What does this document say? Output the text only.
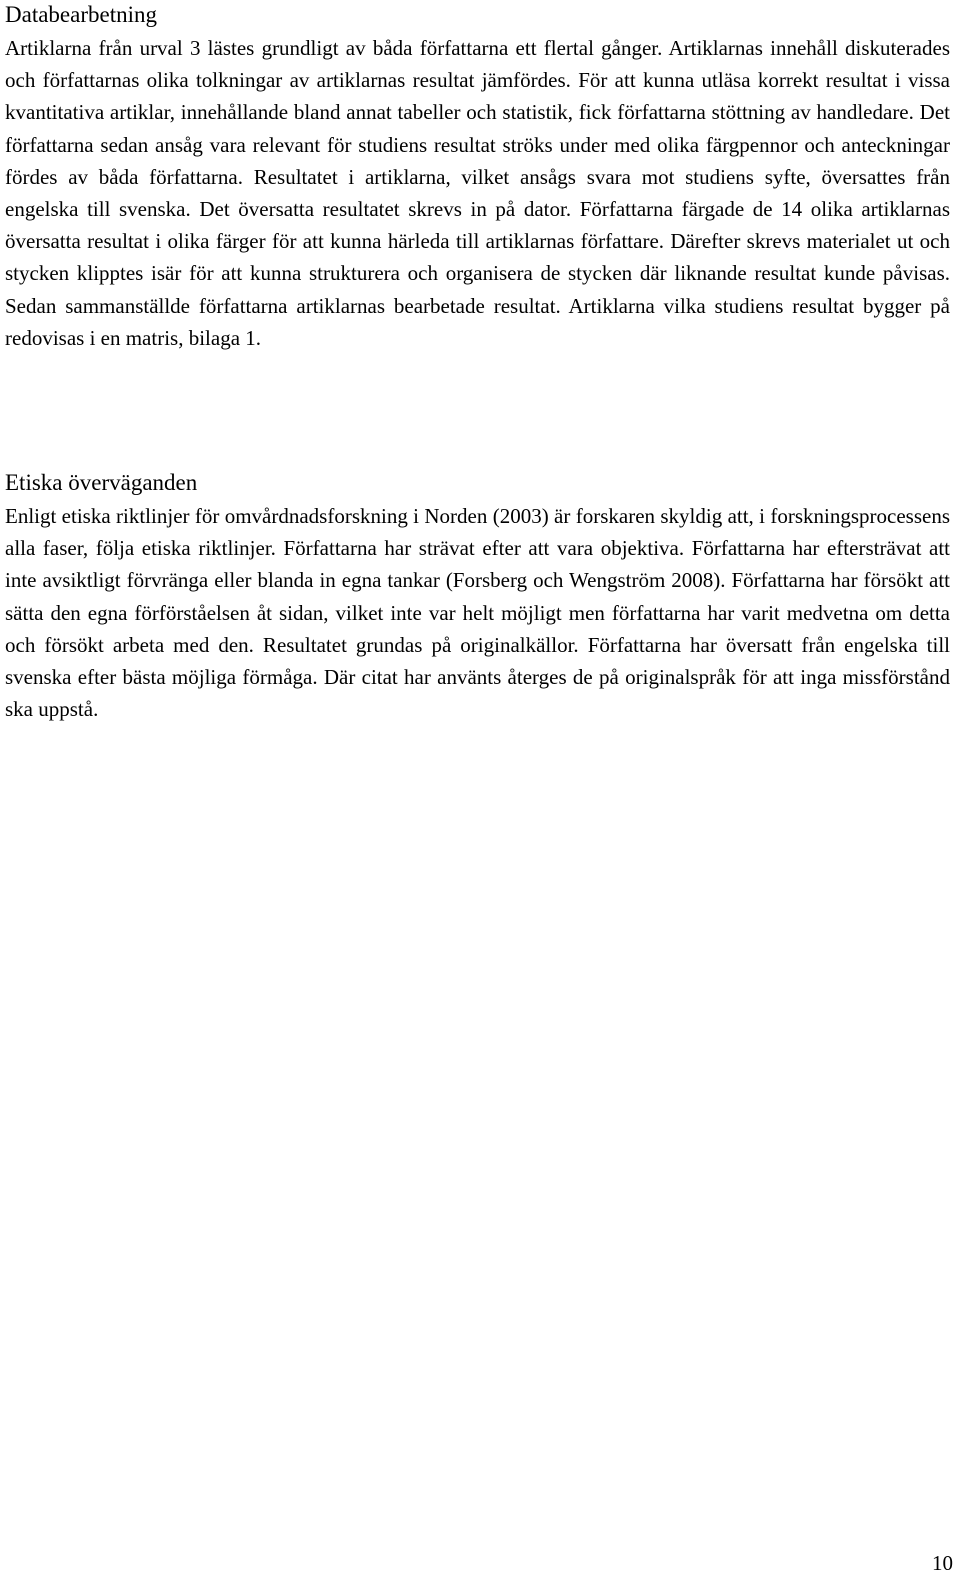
Databearbetning

Artiklarna från urval 3 lästes grundligt av båda författarna ett flertal gånger. Artiklarnas innehåll diskuterades och författarnas olika tolkningar av artiklarnas resultat jämfördes. För att kunna utläsa korrekt resultat i vissa kvantitativa artiklar, innehållande bland annat tabeller och statistik, fick författarna stöttning av handledare. Det författarna sedan ansåg vara relevant för studiens resultat ströks under med olika färgpennor och anteckningar fördes av båda författarna. Resultatet i artiklarna, vilket ansågs svara mot studiens syfte, översattes från engelska till svenska. Det översatta resultatet skrevs in på dator. Författarna färgade de 14 olika artiklarnas översatta resultat i olika färger för att kunna härleda till artiklarnas författare. Därefter skrevs materialet ut och stycken klipptes isär för att kunna strukturera och organisera de stycken där liknande resultat kunde påvisas. Sedan sammanställde författarna artiklarnas bearbetade resultat. Artiklarna vilka studiens resultat bygger på redovisas i en matris, bilaga 1.

Etiska överväganden

Enligt etiska riktlinjer för omvårdnadsforskning i Norden (2003) är forskaren skyldig att, i forskningsprocessens alla faser, följa etiska riktlinjer. Författarna har strävat efter att vara objektiva. Författarna har eftersträvat att inte avsiktligt förvränga eller blanda in egna tankar (Forsberg och Wengström 2008). Författarna har försökt att sätta den egna förförståelsen åt sidan, vilket inte var helt möjligt men författarna har varit medvetna om detta och försökt arbeta med den. Resultatet grundas på originalkällor. Författarna har översatt från engelska till svenska efter bästa möjliga förmåga. Där citat har använts återges de på originalspråk för att inga missförstånd ska uppstå.

10
